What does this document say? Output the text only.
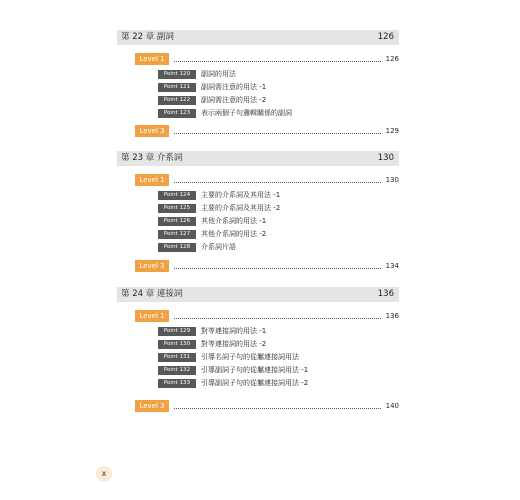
第 22 章 副詞	126
Level 1	126
Point 120	副詞的用法
Point 121	副詞需注意的用法 -1
Point 122	副詞需注意的用法 -2
Point 123	表示兩個子句邏輯關係的副詞
Level 3	129
第 23 章 介系詞	130
Level 1	130
Point 124	主要的介系詞及其用法 -1
Point 125	主要的介系詞及其用法 -2
Point 126	其他介系詞的用法 -1
Point 127	其他介系詞的用法 -2
Point 128	介系詞片語
Level 3	134
第 24 章 連接詞	136
Level 1	136
Point 129	對等連接詞的用法 -1
Point 130	對等連接詞的用法 -2
Point 131	引導名詞子句的從屬連接詞用法
Point 132	引導副詞子句的從屬連接詞用法 -1
Point 133	引導副詞子句的從屬連接詞用法 -2
Level 3	140
x
